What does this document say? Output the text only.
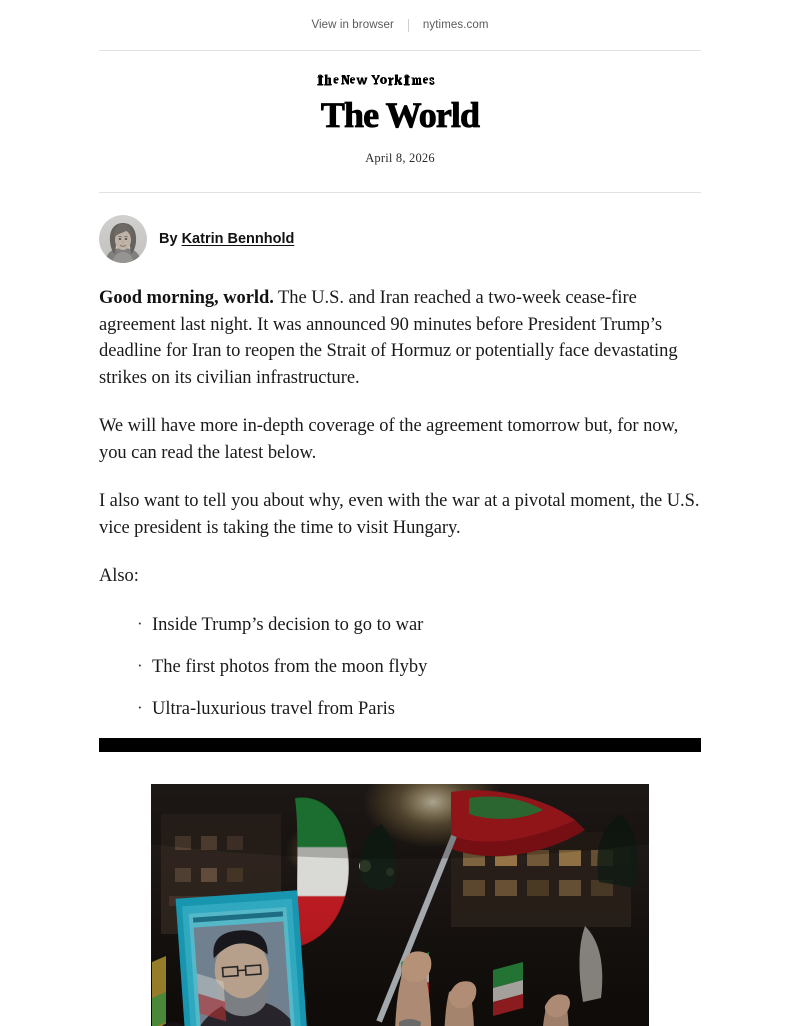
View in browser	nytimes.com
The World
April 8, 2026
By Katrin Bennhold

Good morning, world. The U.S. and Iran reached a two-week cease-fire agreement last night. It was announced 90 minutes before President Trump’s deadline for Iran to reopen the Strait of Hormuz or potentially face devastating strikes on its civilian infrastructure.

We will have more in-depth coverage of the agreement tomorrow but, for now, you can read the latest below.

I also want to tell you about why, even with the war at a pivotal moment, the U.S. vice president is taking the time to visit Hungary.

Also:

· Inside Trump’s decision to go to war
· The first photos from the moon flyby
· Ultra-luxurious travel from Paris
